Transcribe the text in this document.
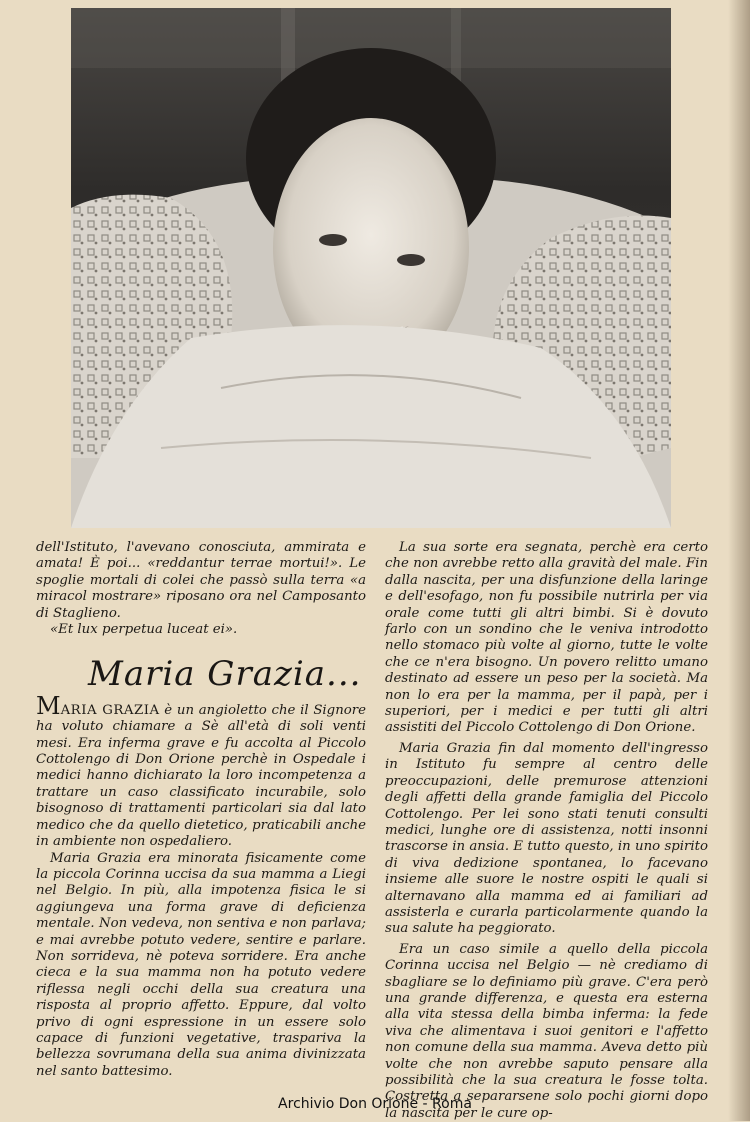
dell'Istituto, l'avevano conosciuta, ammirata e amata! È poi... «reddantur terrae mortui!». Le spoglie mortali di colei che passò sulla terra «a miracol mostrare» riposano ora nel Camposanto di Staglieno.

«Et lux perpetua luceat ei».

Maria Grazia...

MARIA GRAZIA è un angioletto che il Signore ha voluto chiamare a Sè all'età di soli venti mesi. Era inferma grave e fu accolta al Piccolo Cottolengo di Don Orione perchè in Ospedale i medici hanno dichiarato la loro incompetenza a trattare un caso classificato incurabile, solo bisognoso di trattamenti particolari sia dal lato medico che da quello dietetico, praticabili anche in ambiente non ospedaliero.

Maria Grazia era minorata fisicamente come la piccola Corinna uccisa da sua mamma a Liegi nel Belgio. In più, alla impotenza fisica le si aggiungeva una forma grave di deficienza mentale. Non vedeva, non sentiva e non parlava; e mai avrebbe potuto vedere, sentire e parlare. Non sorrideva, nè poteva sorridere. Era anche cieca e la sua mamma non ha potuto vedere riflessa negli occhi della sua creatura una risposta al proprio affetto. Eppure, dal volto privo di ogni espressione in un essere solo capace di funzioni vegetative, traspariva la bellezza sovrumana della sua anima divinizzata nel santo battesimo.

La sua sorte era segnata, perchè era certo che non avrebbe retto alla gravità del male. Fin dalla nascita, per una disfunzione della laringe e dell'esofago, non fu possibile nutrirla per via orale come tutti gli altri bimbi. Si è dovuto farlo con un sondino che le veniva introdotto nello stomaco più volte al giorno, tutte le volte che ce n'era bisogno. Un povero relitto umano destinato ad essere un peso per la società. Ma non lo era per la mamma, per il papà, per i superiori, per i medici e per tutti gli altri assistiti del Piccolo Cottolengo di Don Orione.

Maria Grazia fin dal momento dell'ingresso in Istituto fu sempre al centro delle preoccupazioni, delle premurose attenzioni degli affetti della grande famiglia del Piccolo Cottolengo. Per lei sono stati tenuti consulti medici, lunghe ore di assistenza, notti insonni trascorse in ansia. E tutto questo, in uno spirito di viva dedizione spontanea, lo facevano insieme alle suore le nostre ospiti le quali si alternavano alla mamma ed ai familiari ad assisterla e curarla particolarmente quando la sua salute ha peggiorato.

Era un caso simile a quello della piccola Corinna uccisa nel Belgio — nè crediamo di sbagliare se lo definiamo più grave. C'era però una grande differenza, e questa era esterna alla vita stessa della bimba inferma: la fede viva che alimentava i suoi genitori e l'affetto non comune della sua mamma. Aveva detto più volte che non avrebbe saputo pensare alla possibilità che la sua creatura le fosse tolta. Costretta a separarsene solo pochi giorni dopo la nascita per le cure op-

Archivio Don Orione - Roma
